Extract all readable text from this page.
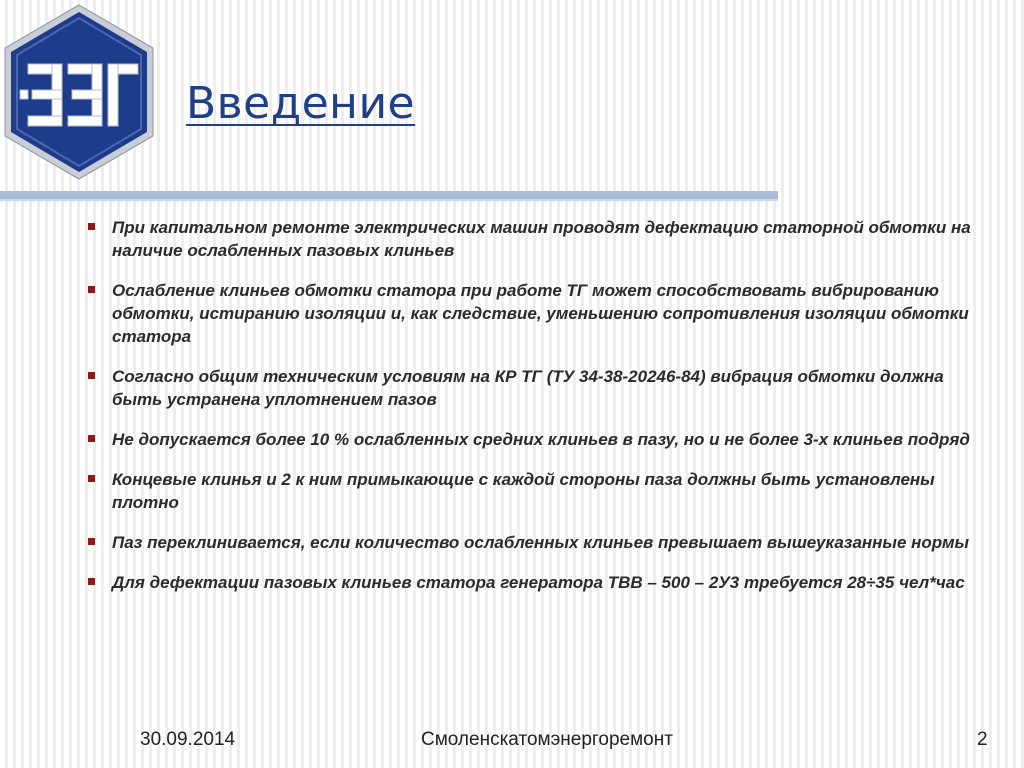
Введение
При капитальном ремонте электрических машин проводят дефектацию статорной обмотки на наличие ослабленных пазовых клиньев
Ослабление клиньев обмотки статора при работе ТГ может способствовать вибрированию обмотки, истиранию изоляции и, как следствие, уменьшению сопротивления изоляции обмотки статора
Согласно общим техническим условиям на КР ТГ (ТУ 34-38-20246-84) вибрация обмотки должна быть устранена уплотнением пазов
Не допускается более 10 % ослабленных средних клиньев в пазу, но и не более 3-х клиньев подряд
Концевые клинья и 2 к ним примыкающие с каждой стороны паза должны быть установлены плотно
Паз переклинивается, если количество ослабленных клиньев превышает вышеуказанные нормы
Для дефектации пазовых клиньев статора генератора ТВВ – 500 – 2У3 требуется 28÷35 чел*час
30.09.2014	Смоленскатомэнергоремонт	2
